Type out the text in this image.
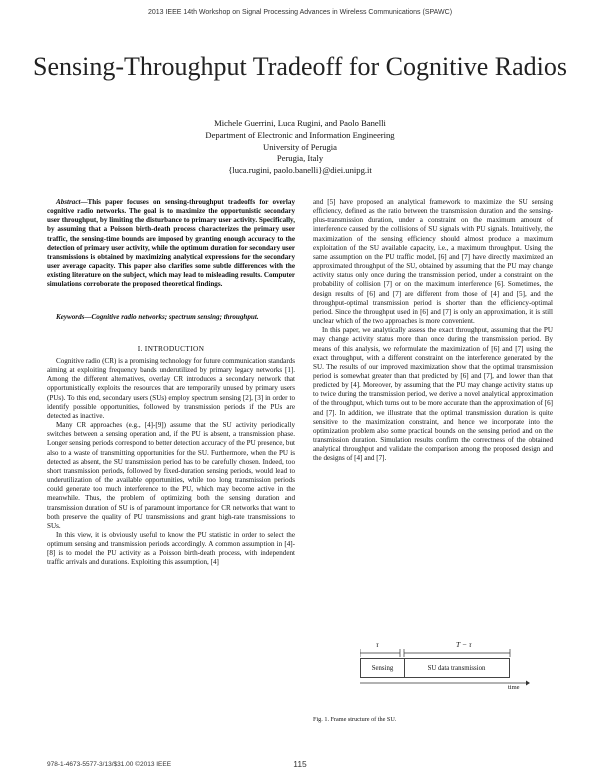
2013 IEEE 14th Workshop on Signal Processing Advances in Wireless Communications (SPAWC)
Sensing-Throughput Tradeoff for Cognitive Radios
Michele Guerrini, Luca Rugini, and Paolo Banelli
Department of Electronic and Information Engineering
University of Perugia
Perugia, Italy
{luca.rugini, paolo.banelli}@diei.unipg.it

Abstract—This paper focuses on sensing-throughput tradeoffs for overlay cognitive radio networks. The goal is to maximize the opportunistic secondary user throughput, by limiting the disturbance to primary user activity. Specifically, by assuming that a Poisson birth-death process characterizes the primary user traffic, the sensing-time bounds are imposed by granting enough accuracy to the detection of primary user activity, while the optimum duration for secondary user transmissions is obtained by maximizing analytical expressions for the secondary user average capacity. This paper also clarifies some subtle differences with the existing literature on the subject, which may lead to misleading results. Computer simulations corroborate the proposed theoretical findings.

Keywords—Cognitive radio networks; spectrum sensing; throughput.

I. INTRODUCTION

Cognitive radio (CR) is a promising technology for future communication standards aiming at exploiting frequency bands underutilized by primary legacy networks [1]. Among the different alternatives, overlay CR introduces a secondary network that opportunistically exploits the resources that are temporarily unused by primary users (PUs). To this end, secondary users (SUs) employ spectrum sensing [2], [3] in order to identify possible opportunities, followed by transmission periods if the PUs are detected as inactive.

Many CR approaches (e.g., [4]-[9]) assume that the SU activity periodically switches between a sensing operation and, if the PU is absent, a transmission phase. Longer sensing periods correspond to better detection accuracy of the PU presence, but also to a waste of transmitting opportunities for the SU. Furthermore, when the PU is detected as absent, the SU transmission period has to be carefully chosen. Indeed, too short transmission periods, followed by fixed-duration sensing periods, would lead to underutilization of the available opportunities, while too long transmission periods could generate too much interference to the PU, which may become active in the meanwhile. Thus, the problem of optimizing both the sensing duration and transmission duration of SU is of paramount importance for CR networks that want to both preserve the quality of PU transmissions and grant high-rate transmissions to SUs.

In this view, it is obviously useful to know the PU statistic in order to select the optimum sensing and transmission periods accordingly. A common assumption in [4]-[8] is to model the PU activity as a Poisson birth-death process, with independent traffic arrivals and durations. Exploiting this assumption, [4]

and [5] have proposed an analytical framework to maximize the SU sensing efficiency, defined as the ratio between the transmission duration and the sensing-plus-transmission duration, under a constraint on the maximum amount of interference caused by the collisions of SU signals with PU signals. Intuitively, the maximization of the sensing efficiency should almost produce a maximum exploitation of the SU available capacity, i.e., a maximum throughput. Using the same assumption on the PU traffic model, [6] and [7] have directly maximized an approximated throughput of the SU, obtained by assuming that the PU may change activity status only once during the transmission period, under a constraint on the probability of collision [7] or on the maximum interference [6]. Sometimes, the design results of [6] and [7] are different from those of [4] and [5], and the throughput-optimal transmission period is shorter than the efficiency-optimal period. Since the throughput used in [6] and [7] is only an approximation, it is still unclear which of the two approaches is more convenient.

In this paper, we analytically assess the exact throughput, assuming that the PU may change activity status more than once during the transmission period. By means of this analysis, we reformulate the maximization of [6] and [7] using the exact throughput, with a different constraint on the interference generated by the SU. The results of our improved maximization show that the optimal transmission period is somewhat greater than that predicted by [6] and [7], and lower than that predicted by [4]. Moreover, by assuming that the PU may change activity status up to twice during the transmission period, we derive a novel analytical approximation of the throughput, which turns out to be more accurate than the approximation of [6] and [7]. In addition, we illustrate that the optimal transmission duration is quite sensitive to the maximization constraint, and hence we incorporate into the optimization problem also some practical bounds on the sensing period and on the transmission duration. Simulation results confirm the correctness of the obtained analytical throughput and validate the comparison among the proposed design and the designs of [4] and [7].

τ	T − τ
Sensing	SU data transmission
time
Fig. 1. Frame structure of the SU.
978-1-4673-5577-3/13/$31.00 ©2013 IEEE	115
